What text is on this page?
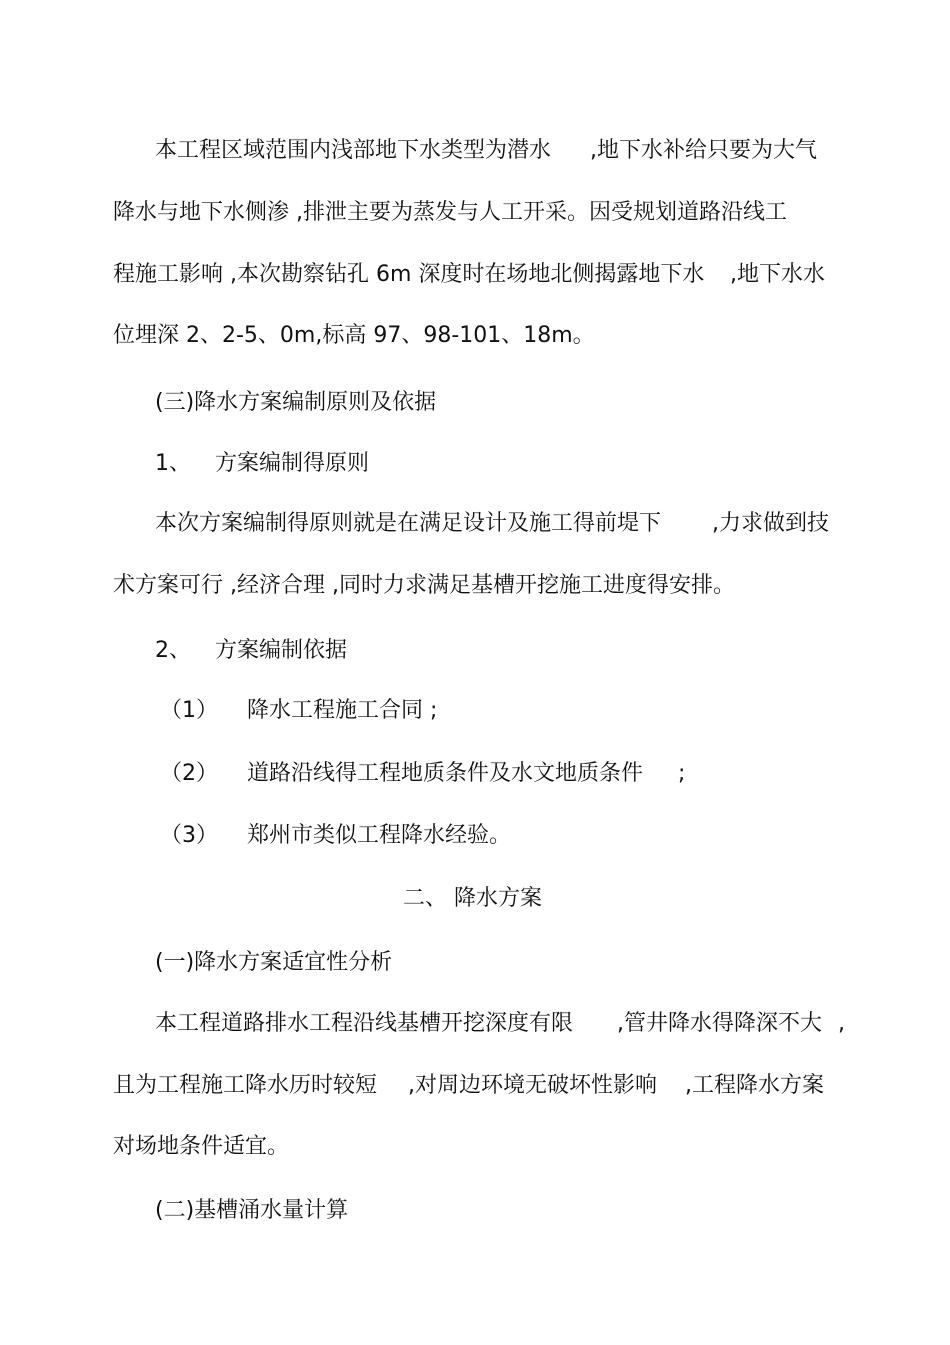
本工程区域范围内浅部地下水类型为潜水 ,地下水补给只要为大气
降水与地下水侧渗 ,排泄主要为蒸发与人工开采。因受规划道路沿线工
程施工影响 ,本次勘察钻孔 6m 深度时在场地北侧揭露地下水 ,地下水水
位埋深 2、2-5、0m,标高 97、98-101、18m。
(三)降水方案编制原则及依据
1、 方案编制得原则
本次方案编制得原则就是在满足设计及施工得前堤下 ,力求做到技
术方案可行 ,经济合理 ,同时力求满足基槽开挖施工进度得安排。
2、 方案编制依据
（1） 降水工程施工合同 ;
（2） 道路沿线得工程地质条件及水文地质条件 ;
（3） 郑州市类似工程降水经验。
二、 降水方案
(一)降水方案适宜性分析
本工程道路排水工程沿线基槽开挖深度有限 ,管井降水得降深不大 ,
且为工程施工降水历时较短 ,对周边环境无破坏性影响 ,工程降水方案
对场地条件适宜。
(二)基槽涌水量计算
